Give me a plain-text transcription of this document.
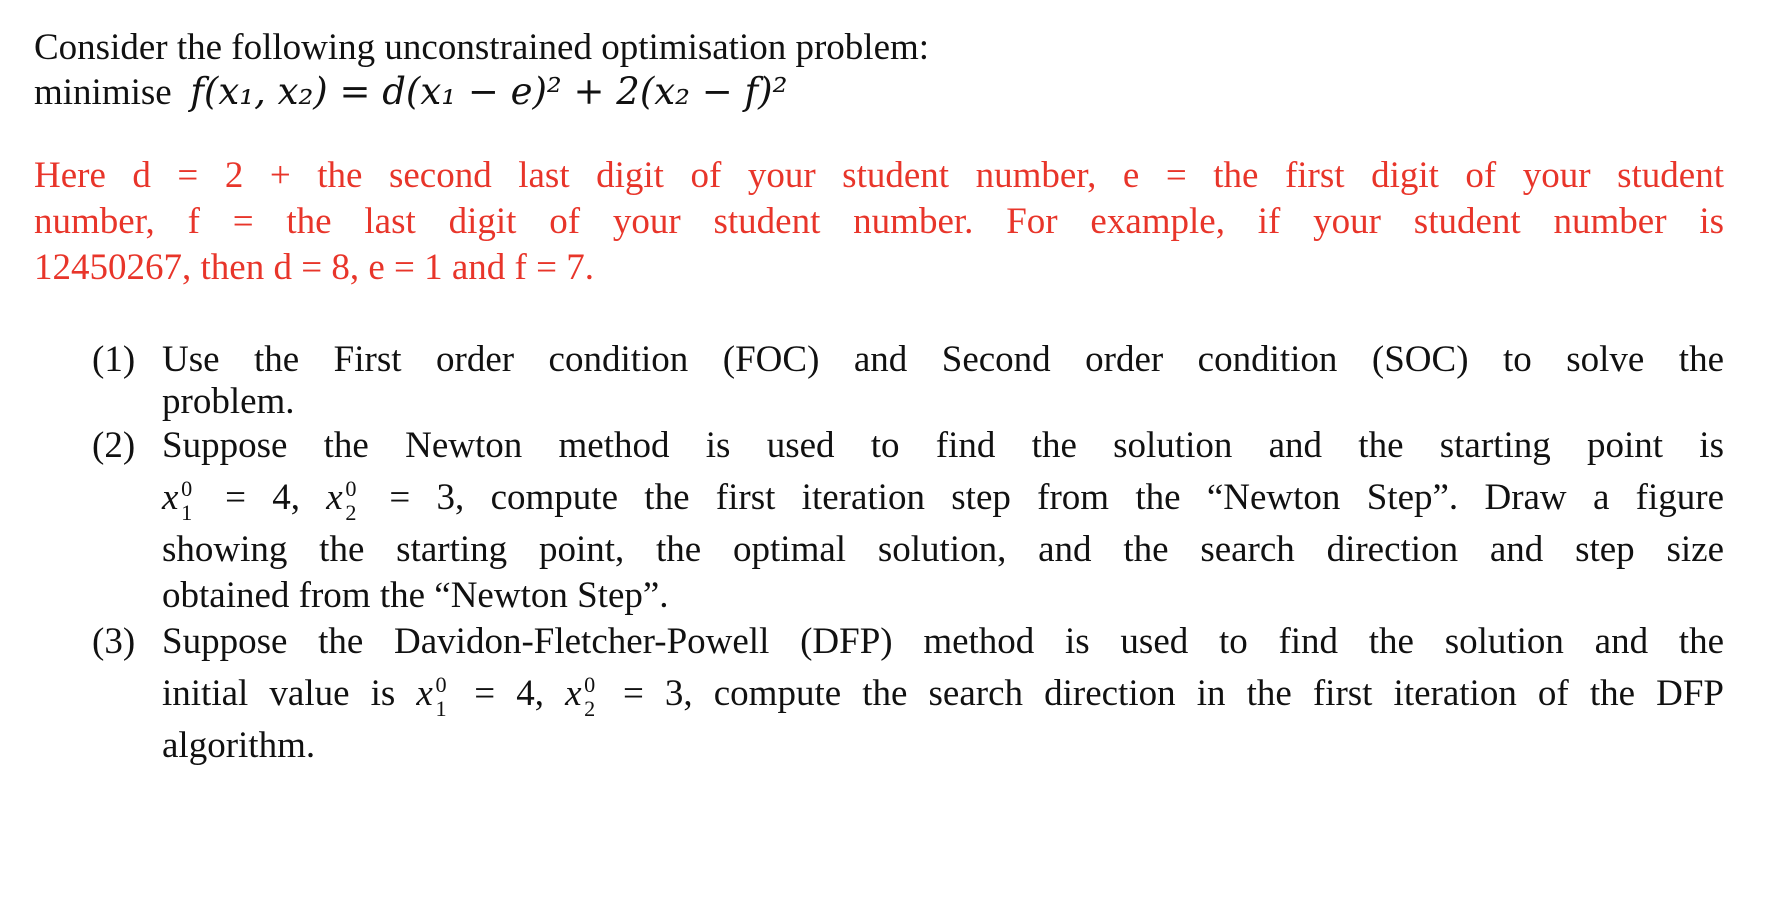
Consider the following unconstrained optimisation problem:
minimise f(x₁, x₂) = d(x₁ − e)² + 2(x₂ − f)²
Here d = 2 + the second last digit of your student number, e = the first digit of your student
number, f = the last digit of your student number. For example, if your student number is
12450267, then d = 8, e = 1 and f = 7.
(1) Use the First order condition (FOC) and Second order condition (SOC) to solve the
problem.
(2) Suppose the Newton method is used to find the solution and the starting point is
x 0
1 = 4, x 0
2 = 3, compute the first iteration step from the “Newton Step”. Draw a figure
showing the starting point, the optimal solution, and the search direction and step size
obtained from the “Newton Step”.
(3) Suppose the Davidon-Fletcher-Powell (DFP) method is used to find the solution and the
initial value is x 0
1 = 4, x 0
2 = 3, compute the search direction in the first iteration of the DFP
algorithm.
